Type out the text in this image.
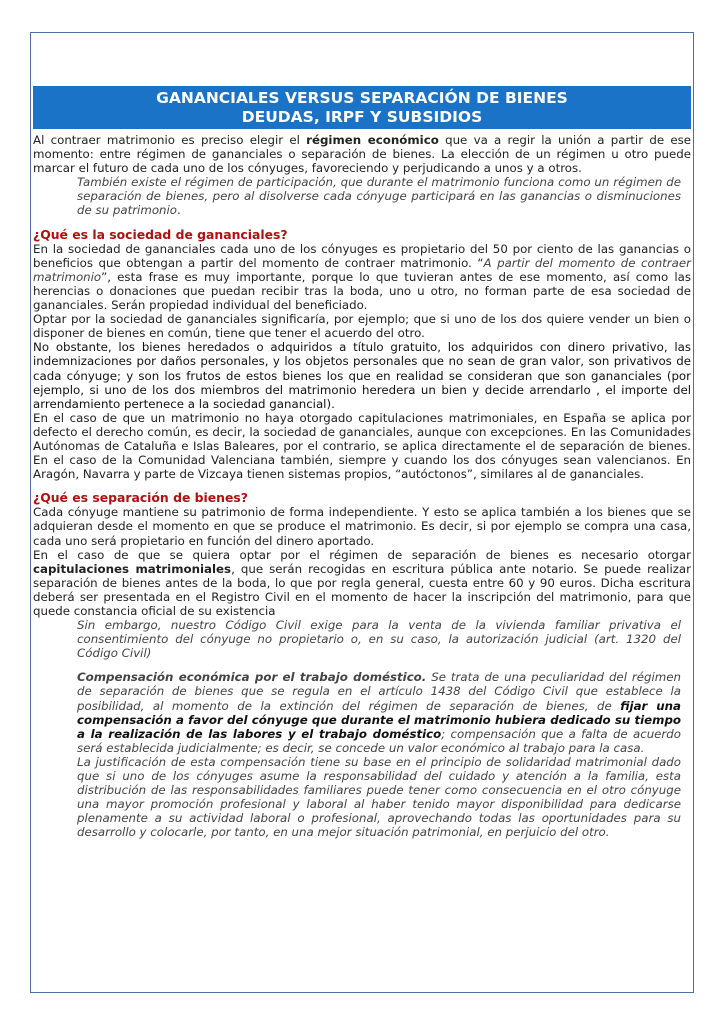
GANANCIALES VERSUS SEPARACIÓN DE BIENES
DEUDAS, IRPF Y SUBSIDIOS

Al contraer matrimonio es preciso elegir el régimen económico que va a regir la unión a partir de ese momento: entre régimen de gananciales o separación de bienes. La elección de un régimen u otro puede marcar el futuro de cada uno de los cónyuges, favoreciendo y perjudicando a unos y a otros.

También existe el régimen de participación, que durante el matrimonio funciona como un régimen de separación de bienes, pero al disolverse cada cónyuge participará en las ganancias o disminuciones de su patrimonio.

¿Qué es la sociedad de gananciales?

En la sociedad de gananciales cada uno de los cónyuges es propietario del 50 por ciento de las ganancias o beneficios que obtengan a partir del momento de contraer matrimonio. “A partir del momento de contraer matrimonio”, esta frase es muy importante, porque lo que tuvieran antes de ese momento, así como las herencias o donaciones que puedan recibir tras la boda, uno u otro, no forman parte de esa sociedad de gananciales. Serán propiedad individual del beneficiado.

Optar por la sociedad de gananciales significaría, por ejemplo; que si uno de los dos quiere vender un bien o disponer de bienes en común, tiene que tener el acuerdo del otro.

No obstante, los bienes heredados o adquiridos a título gratuito, los adquiridos con dinero privativo, las indemnizaciones por daños personales, y los objetos personales que no sean de gran valor, son privativos de cada cónyuge; y son los frutos de estos bienes los que en realidad se consideran que son gananciales (por ejemplo, si uno de los dos miembros del matrimonio heredera un bien y decide arrendarlo , el importe del arrendamiento pertenece a la sociedad ganancial).

En el caso de que un matrimonio no haya otorgado capitulaciones matrimoniales, en España se aplica por defecto el derecho común, es decir, la sociedad de gananciales, aunque con excepciones. En las Comunidades Autónomas de Cataluña e Islas Baleares, por el contrario, se aplica directamente el de separación de bienes. En el caso de la Comunidad Valenciana también, siempre y cuando los dos cónyuges sean valencianos. En Aragón, Navarra y parte de Vizcaya tienen sistemas propios, “autóctonos”, similares al de gananciales.

¿Qué es separación de bienes?

Cada cónyuge mantiene su patrimonio de forma independiente. Y esto se aplica también a los bienes que se adquieran desde el momento en que se produce el matrimonio. Es decir, si por ejemplo se compra una casa, cada uno será propietario en función del dinero aportado.

En el caso de que se quiera optar por el régimen de separación de bienes es necesario otorgar capitulaciones matrimoniales, que serán recogidas en escritura pública ante notario. Se puede realizar separación de bienes antes de la boda, lo que por regla general, cuesta entre 60 y 90 euros. Dicha escritura deberá ser presentada en el Registro Civil en el momento de hacer la inscripción del matrimonio, para que quede constancia oficial de su existencia

Sin embargo, nuestro Código Civil exige para la venta de la vivienda familiar privativa el consentimiento del cónyuge no propietario o, en su caso, la autorización judicial (art. 1320 del Código Civil)

Compensación económica por el trabajo doméstico. Se trata de una peculiaridad del régimen de separación de bienes que se regula en el artículo 1438 del Código Civil que establece la posibilidad, al momento de la extinción del régimen de separación de bienes, de fijar una compensación a favor del cónyuge que durante el matrimonio hubiera dedicado su tiempo a la realización de las labores y el trabajo doméstico; compensación que a falta de acuerdo será establecida judicialmente; es decir, se concede un valor económico al trabajo para la casa.

La justificación de esta compensación tiene su base en el principio de solidaridad matrimonial dado que si uno de los cónyuges asume la responsabilidad del cuidado y atención a la familia, esta distribución de las responsabilidades familiares puede tener como consecuencia en el otro cónyuge una mayor promoción profesional y laboral al haber tenido mayor disponibilidad para dedicarse plenamente a su actividad laboral o profesional, aprovechando todas las oportunidades para su desarrollo y colocarle, por tanto, en una mejor situación patrimonial, en perjuicio del otro.
